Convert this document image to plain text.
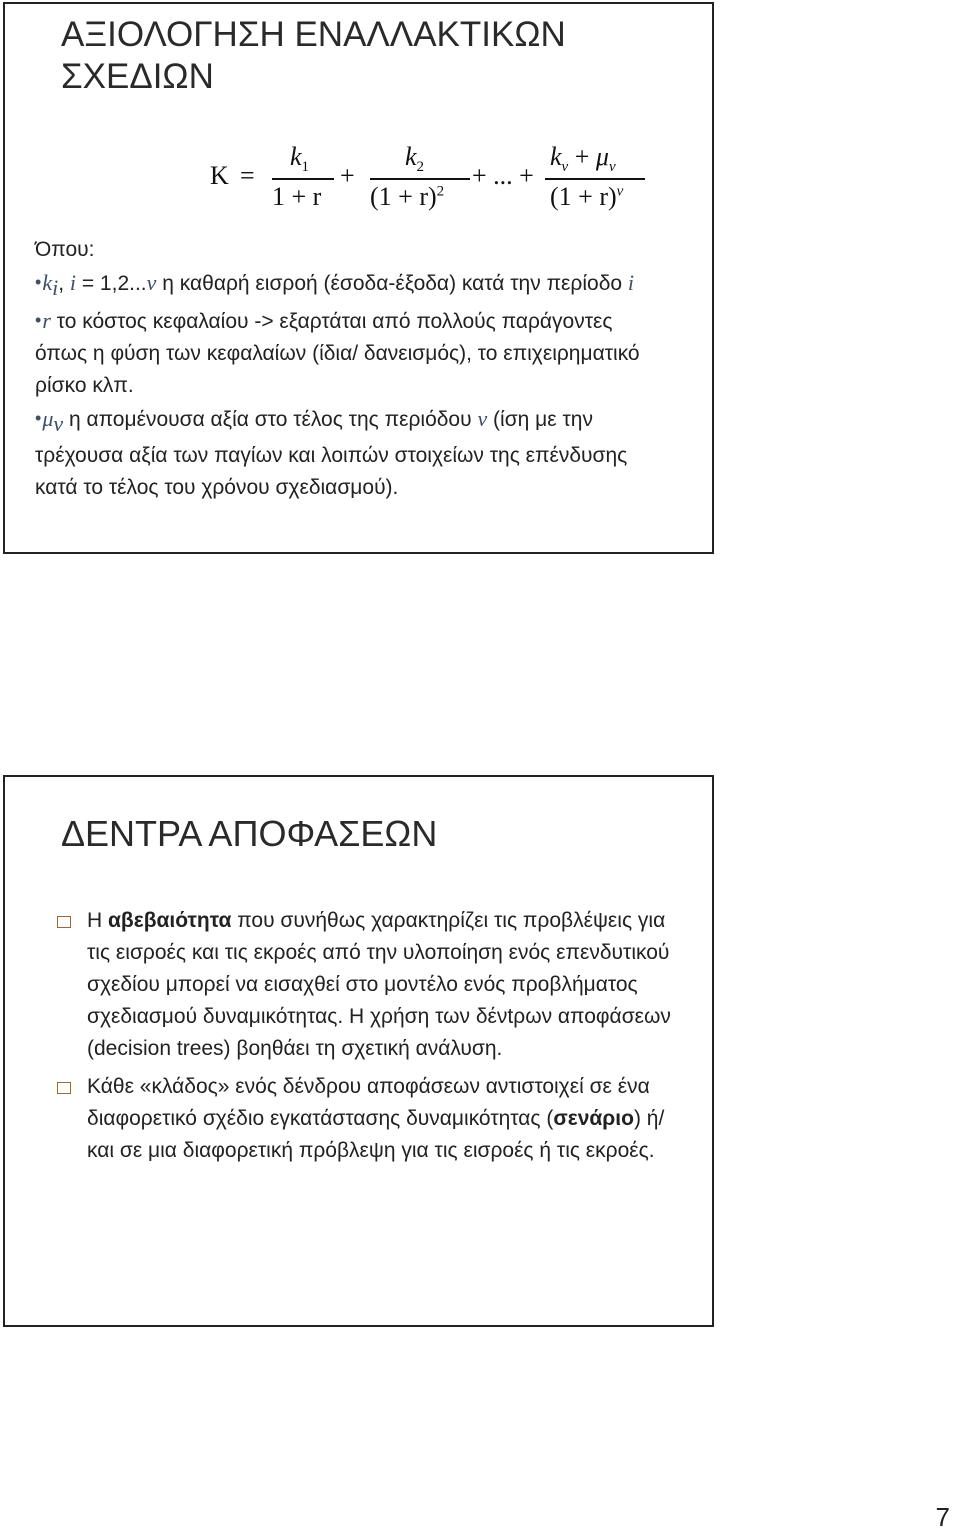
ΑΞΙΟΛΟΓΗΣΗ ΕΝΑΛΛΑΚΤΙΚΩΝ ΣΧΕΔΙΩΝ
K =
$k_1$
1 + r
+
$k_2$
$(1 + r)^2$
+ ... +
$k_\nu + \mu_\nu$
$(1 + r)^\nu$

Όπου:

$•k_i$, i = 1,2...ν η καθαρή εισροή (έσοδα-έξοδα) κατά την περίοδο i

•r το κόστος κεφαλαίου -> εξαρτάται από πολλούς παράγοντες όπως η φύση των κεφαλαίων (ίδια/ δανεισμός), το επιχειρηματικό ρίσκο κλπ.

$•\mu_\nu$ η απομένουσα αξία στο τέλος της περιόδου ν (ίση με την τρέχουσα αξία των παγίων και λοιπών στοιχείων της επένδυσης κατά το τέλος του χρόνου σχεδιασμού).

ΔΕΝΤΡΑ ΑΠΟΦΑΣΕΩΝ
Η αβεβαιότητα που συνήθως χαρακτηρίζει τις προβλέψεις για τις εισροές και τις εκροές από την υλοποίηση ενός επενδυτικού σχεδίου μπορεί να εισαχθεί στο μοντέλο ενός προβλήματος σχεδιασμού δυναμικότητας. Η χρήση των δένtρων αποφάσεων (decision trees) βοηθάει τη σχετική ανάλυση.
Κάθε «κλάδος» ενός δένδρου αποφάσεων αντιστοιχεί σε ένα διαφορετικό σχέδιο εγκατάστασης δυναμικότητας (σενάριο) ή/και σε μια διαφορετική πρόβλεψη για τις εισροές ή τις εκροές.
7
